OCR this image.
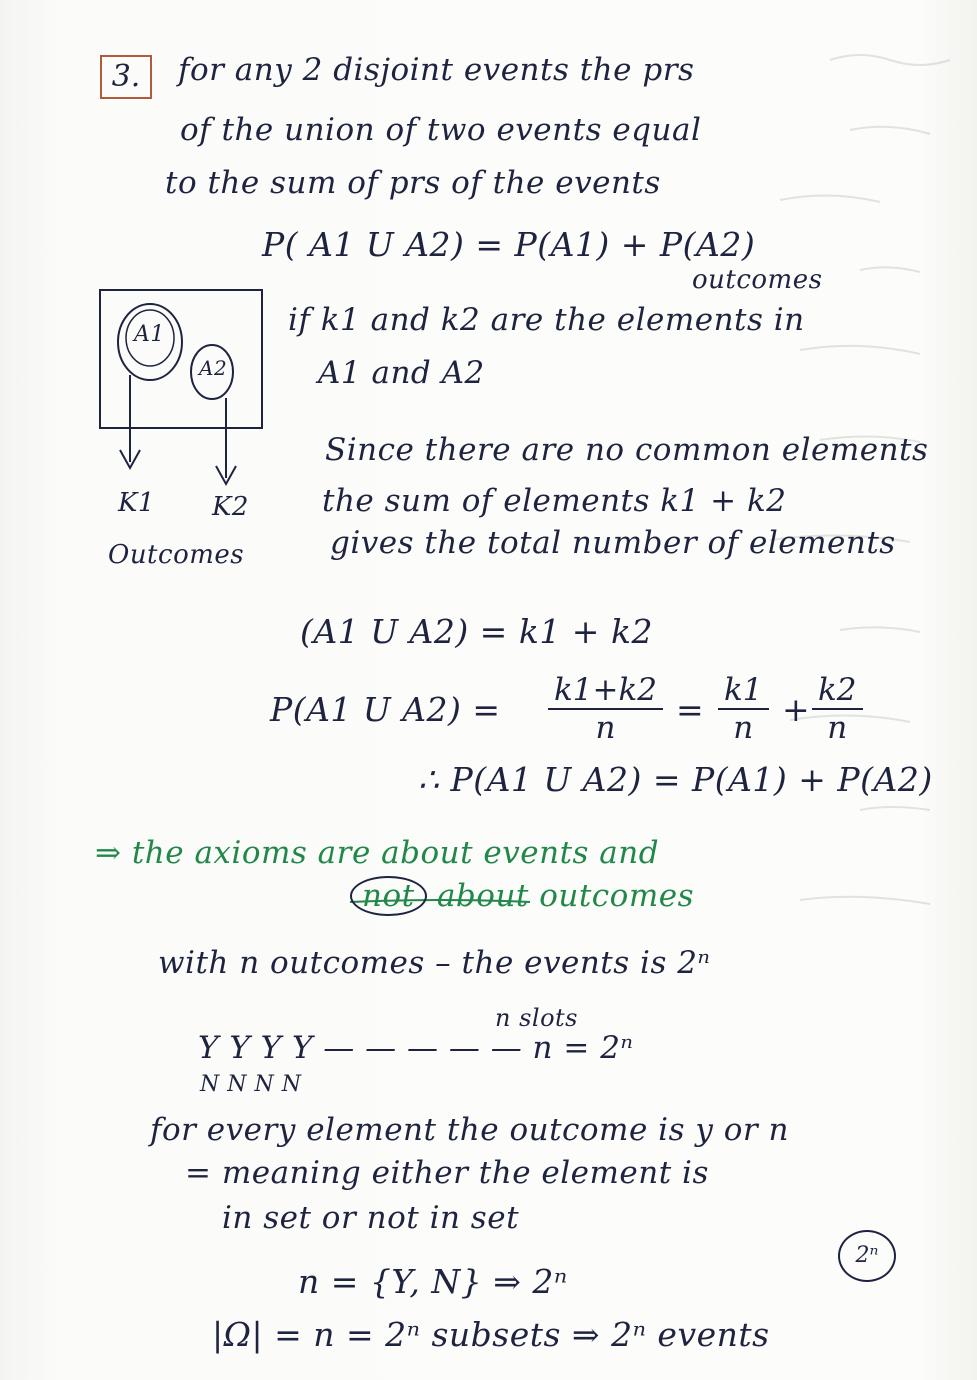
3.	for any 2 disjoint events the prs
of the union of two events equal
to the sum of prs of the events
P( A1 U A2) = P(A1) + P(A2)
A1
A2
K1 K2
Outcomes
outcomes
if k1 and k2 are the elements in
A1 and A2
Since there are no common elements
the sum of elements k1 + k2
gives the total number of elements
(A1 U A2) = k1 + k2
P(A1 U $A2) = \frac{k1+k2}{n} = \frac{k1}{n} + \frac{k2}{n}$
∴ P(A1 U A2) = P(A1) + P(A2)
⇒ the axioms are about events and
not about outcomes
with n outcomes – the events is 2ⁿ
n slots
Y Y Y Y — — — — — n = 2ⁿ
N N N N
for every element the outcome is y or n
= meaning either the element is
in set or not in set
n = {Y, N} ⇒ 2ⁿ
|Ω| = n = 2ⁿ subsets ⇒ 2ⁿ events
2ⁿ
